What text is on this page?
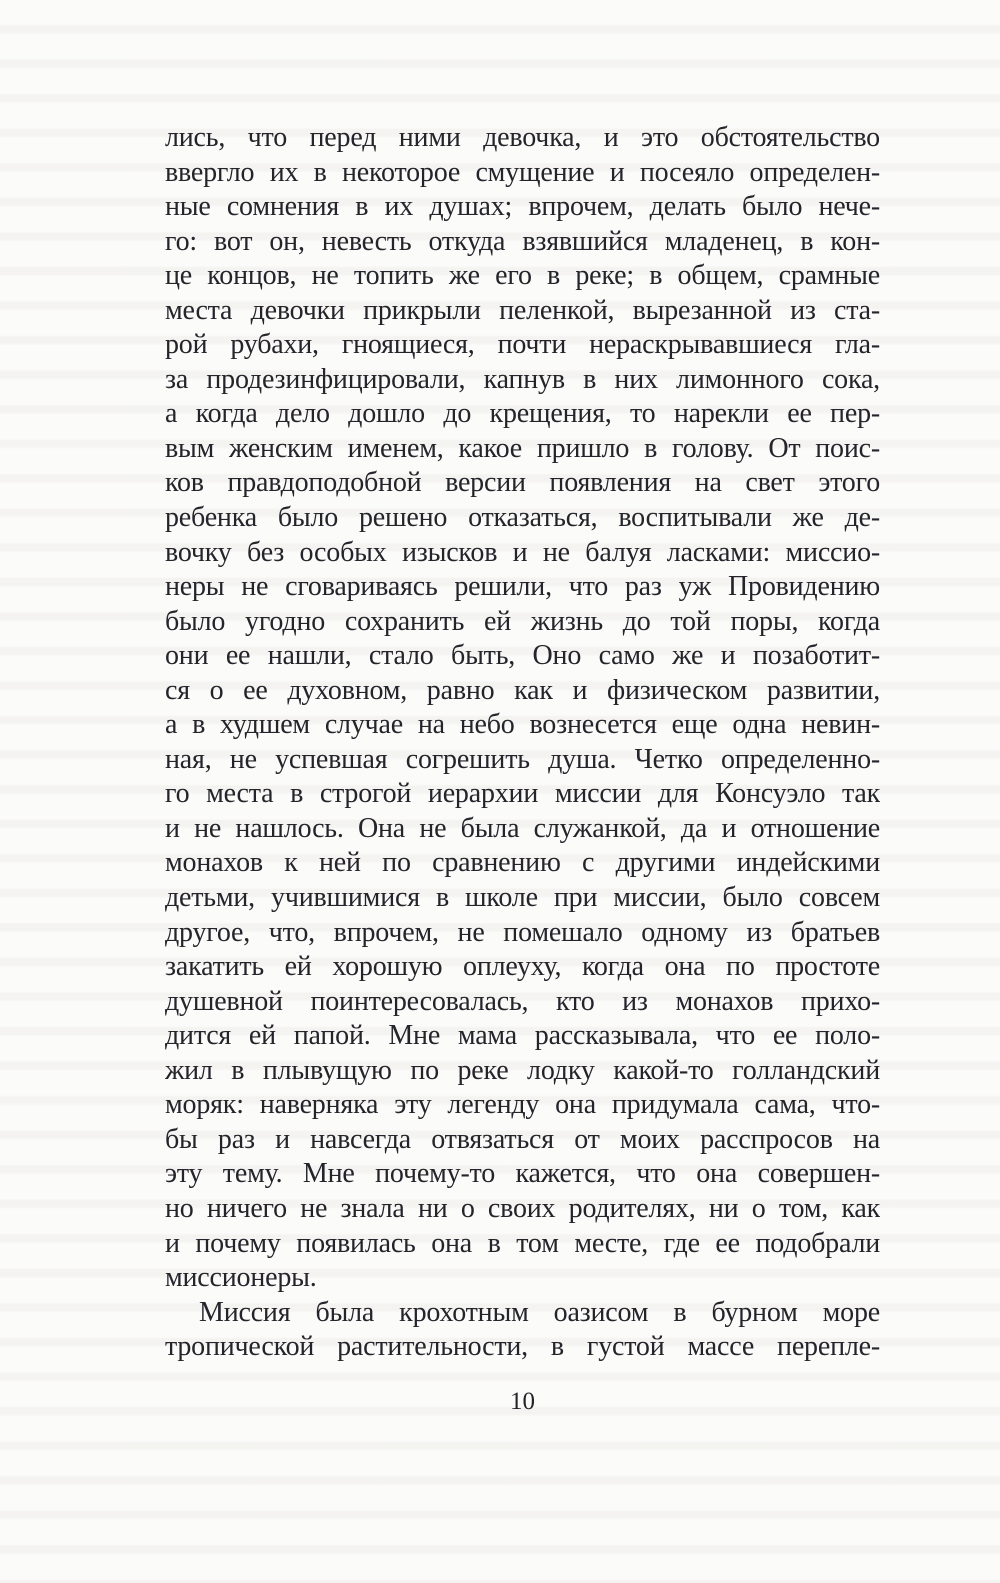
лись, что перед ними девочка, и это обстоятельство
ввергло их в некоторое смущение и посеяло определен-
ные сомнения в их душах; впрочем, делать было нече-
го: вот он, невесть откуда взявшийся младенец, в кон-
це концов, не топить же его в реке; в общем, срамные
места девочки прикрыли пеленкой, вырезанной из ста-
рой рубахи, гноящиеся, почти нераскрывавшиеся гла-
за продезинфицировали, капнув в них лимонного сока,
а когда дело дошло до крещения, то нарекли ее пер-
вым женским именем, какое пришло в голову. От поис-
ков правдоподобной версии появления на свет этого
ребенка было решено отказаться, воспитывали же де-
вочку без особых изысков и не балуя ласками: миссио-
неры не сговариваясь решили, что раз уж Провидению
было угодно сохранить ей жизнь до той поры, когда
они ее нашли, стало быть, Оно само же и позаботит-
ся о ее духовном, равно как и физическом развитии,
а в худшем случае на небо вознесется еще одна невин-
ная, не успевшая согрешить душа. Четко определенно-
го места в строгой иерархии миссии для Консуэло так
и не нашлось. Она не была служанкой, да и отношение
монахов к ней по сравнению с другими индейскими
детьми, учившимися в школе при миссии, было совсем
другое, что, впрочем, не помешало одному из братьев
закатить ей хорошую оплеуху, когда она по простоте
душевной поинтересовалась, кто из монахов прихо-
дится ей папой. Мне мама рассказывала, что ее поло-
жил в плывущую по реке лодку какой-то голландский
моряк: наверняка эту легенду она придумала сама, что-
бы раз и навсегда отвязаться от моих расспросов на
эту тему. Мне почему-то кажется, что она совершен-
но ничего не знала ни о своих родителях, ни о том, как
и почему появилась она в том месте, где ее подобрали
миссионеры.
Миссия была крохотным оазисом в бурном море
тропической растительности, в густой массе перепле-
10
